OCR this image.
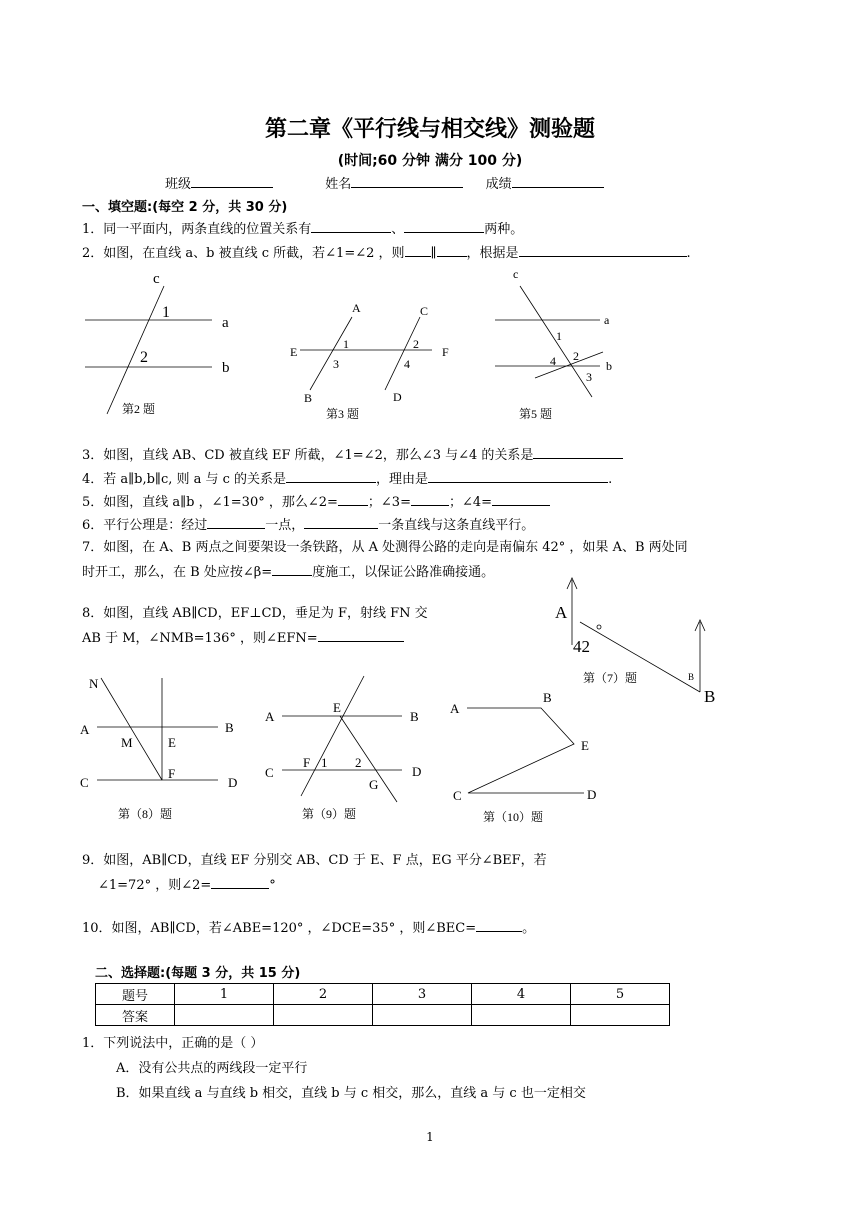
第二章《平行线与相交线》测验题
(时间;60 分钟 满分 100 分)
班级	姓名	成绩
一、填空题:(每空 2 分，共 30 分)
1．同一平面内，两条直线的位置关系有	、	两种。
2．如图，在直线 a、b 被直线 c 所截，若∠1=∠2 ，则 ∥ ，根据是	.
c
1
a
2
b
第2 题
A	C
E	F
1	2
3	4
B	D
第3 题
c
a
1
2
4
3
b
第5 题
3．如图，直线 AB、CD 被直线 EF 所截，∠1=∠2，那么∠3 与∠4 的关系是
4．若 a∥b,b∥c, 则 a 与 c 的关系是	，理由是	.
5．如图，直线 a∥b ，∠1=30° ，那么∠2= ；∠3=	；∠4=
6．平行公理是：经过	一点，	一条直线与这条直线平行。
7．如图，在 A、B 两点之间要架设一条铁路，从 A 处测得公路的走向是南偏东 42° ，如果 A、B 两处同
时开工，那么，在 B 处应按∠β=	度施工，以保证公路准确接通。
A
42
B
B
第（7）题
8．如图，直线 AB∥CD，EF⊥CD，垂足为 F，射线 FN 交
AB 于 M，∠NMB=136° ，则∠EFN=
N
A	B
M	E
C
F
D
第（8）题
A
E
B
C
F 1 2
G
D
第（9）题
A
B
E
C	D
第（10）题
9．如图，AB∥CD，直线 EF 分别交 AB、CD 于 E、F 点，EG 平分∠BEF，若
∠1=72° ，则∠2=	°
10．如图，AB∥CD，若∠ABE=120° ，∠DCE=35° ，则∠BEC=	。
二、选择题:(每题 3 分，共 15 分)
题号	1	2	3	4	5
答案					
1．下列说法中，正确的是（ ）
A．没有公共点的两线段一定平行
B．如果直线 a 与直线 b 相交，直线 b 与 c 相交，那么，直线 a 与 c 也一定相交
1
